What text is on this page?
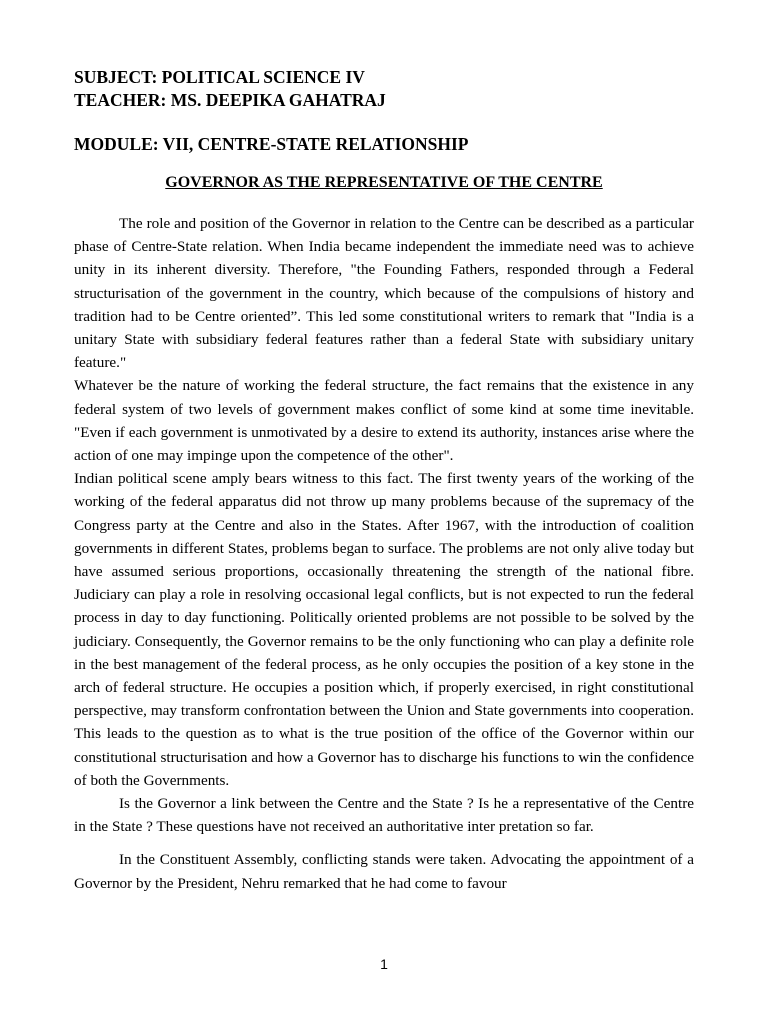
SUBJECT: POLITICAL SCIENCE IV

TEACHER: MS. DEEPIKA GAHATRAJ

MODULE: VII, CENTRE-STATE RELATIONSHIP

GOVERNOR AS THE REPRESENTATIVE OF THE CENTRE

The role and position of the Governor in relation to the Centre can be described as a particular phase of Centre-State relation. When India became independent the immediate need was to achieve unity in its inherent diversity. Therefore, "the Founding Fathers, responded through a Federal structurisation of the government in the country, which because of the compulsions of history and tradition had to be Centre oriented”. This led some constitutional writers to remark that "India is a unitary State with subsidiary federal features rather than a federal State with subsidiary unitary feature."

Whatever be the nature of working the federal structure, the fact remains that the existence in any federal system of two levels of government makes conflict of some kind at some time inevitable. "Even if each government is unmotivated by a desire to extend its authority, instances arise where the action of one may impinge upon the competence of the other".

Indian political scene amply bears witness to this fact. The first twenty years of the working of the working of the federal apparatus did not throw up many problems because of the supremacy of the Congress party at the Centre and also in the States. After 1967, with the introduction of coalition governments in different States, problems began to surface. The problems are not only alive today but have assumed serious proportions, occasionally threatening the strength of the national fibre. Judiciary can play a role in resolving occasional legal conflicts, but is not expected to run the federal process in day to day functioning. Politically oriented problems are not possible to be solved by the judiciary. Consequently, the Governor remains to be the only functioning who can play a definite role in the best management of the federal process, as he only occupies the position of a key stone in the arch of federal structure. He occupies a position which, if properly exercised, in right constitutional perspective, may transform confrontation between the Union and State governments into cooperation. This leads to the question as to what is the true position of the office of the Governor within our constitutional structurisation and how a Governor has to discharge his functions to win the confidence of both the Governments.

Is the Governor a link between the Centre and the State ? Is he a representative of the Centre in the State ? These questions have not received an authoritative inter pretation so far.

In the Constituent Assembly, conflicting stands were taken. Advocating the appointment of a Governor by the President, Nehru remarked that he had come to favour

1
